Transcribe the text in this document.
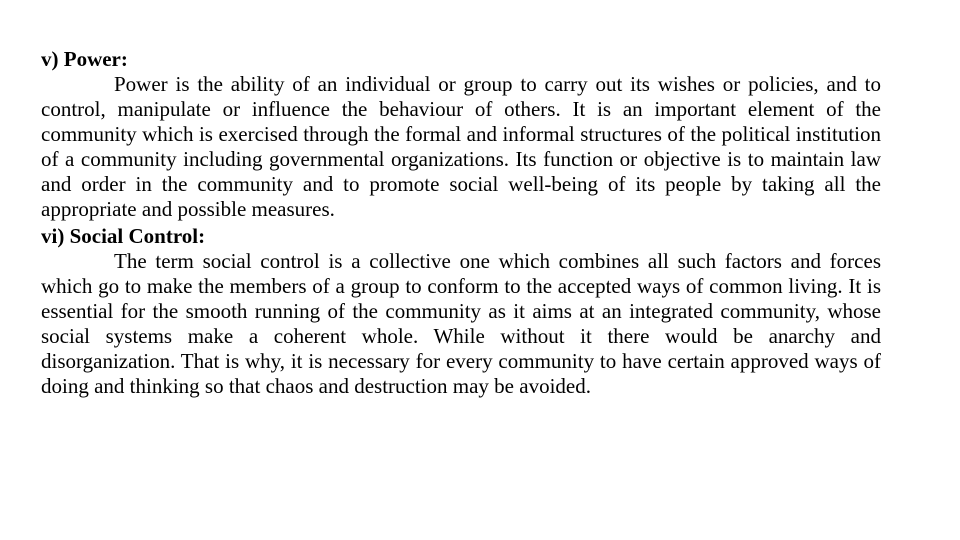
v) Power:

Power is the ability of an individual or group to carry out its wishes or policies, and to control, manipulate or influence the behaviour of others. It is an important element of the community which is exercised through the formal and informal structures of the political institution of a community including governmental organizations. Its function or objective is to maintain law and order in the community and to promote social well-being of its people by taking all the appropriate and possible measures.

vi) Social Control:

The term social control is a collective one which combines all such factors and forces which go to make the members of a group to conform to the accepted ways of common living. It is essential for the smooth running of the community as it aims at an integrated community, whose social systems make a coherent whole. While without it there would be anarchy and disorganization. That is why, it is necessary for every community to have certain approved ways of doing and thinking so that chaos and destruction may be avoided.
